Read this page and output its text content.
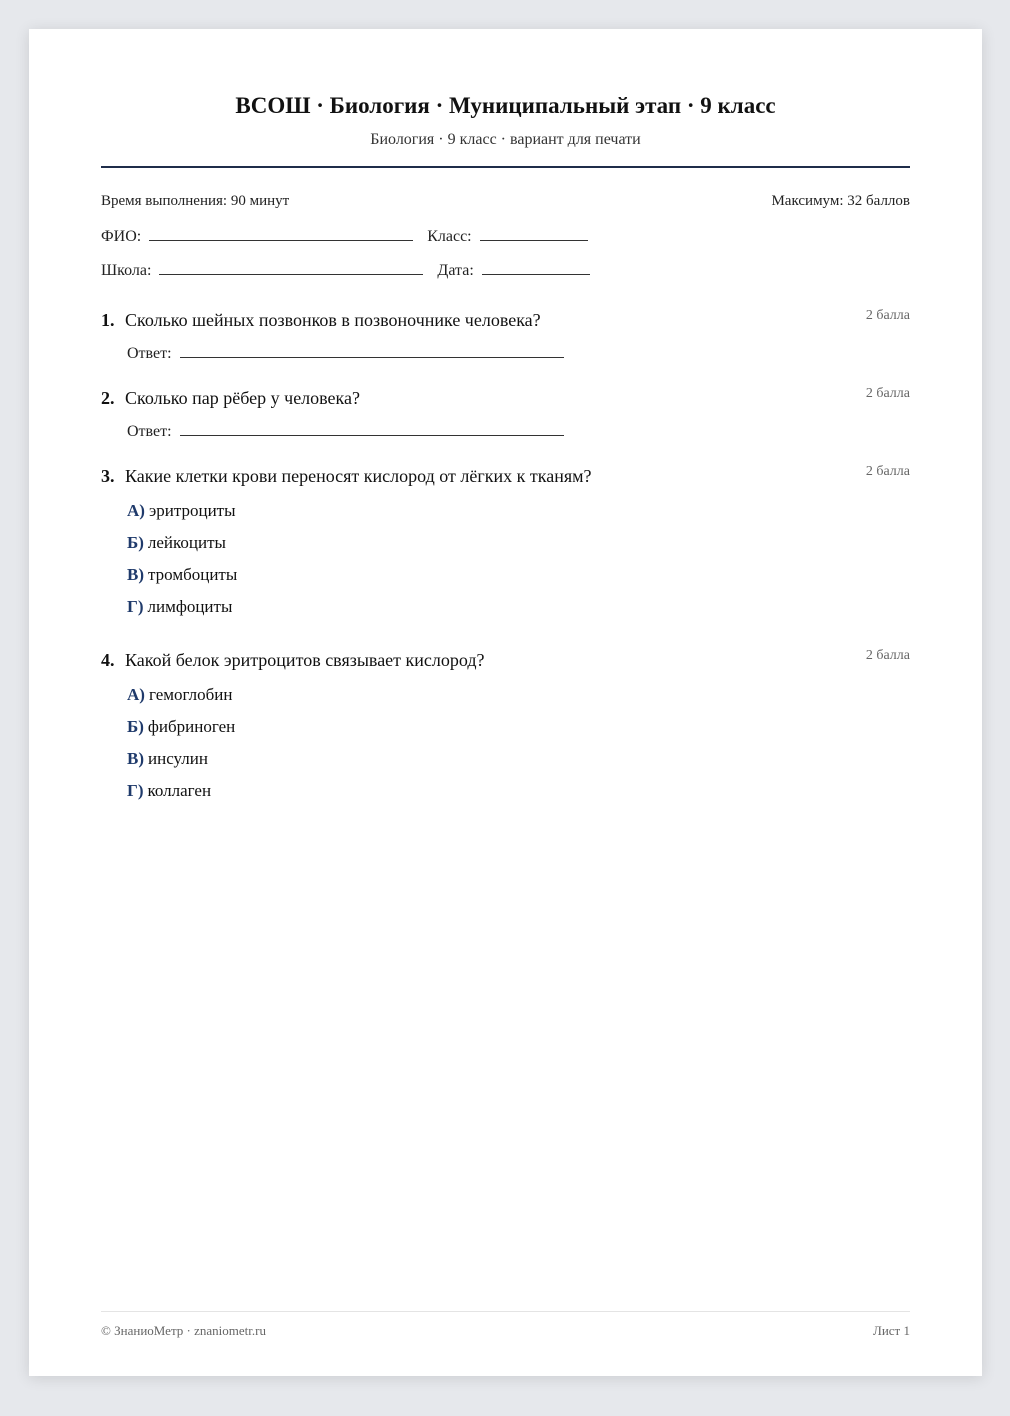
ВСОШ · Биология · Муниципальный этап · 9 класс
Биология · 9 класс · вариант для печати
Время выполнения: 90 минут	Максимум: 32 баллов
ФИО:	Класс:
Школа:	Дата:
1. Сколько шейных позвонков в позвоночнике человека?	2 балла
Ответ:
2. Сколько пар рёбер у человека?	2 балла
Ответ:
3. Какие клетки крови переносят кислород от лёгких к тканям?	2 балла
А) эритроциты
Б) лейкоциты
В) тромбоциты
Г) лимфоциты
4. Какой белок эритроцитов связывает кислород?	2 балла
А) гемоглобин
Б) фибриноген
В) инсулин
Г) коллаген
© ЗнаниоМетр · znaniometr.ru	Лист 1
